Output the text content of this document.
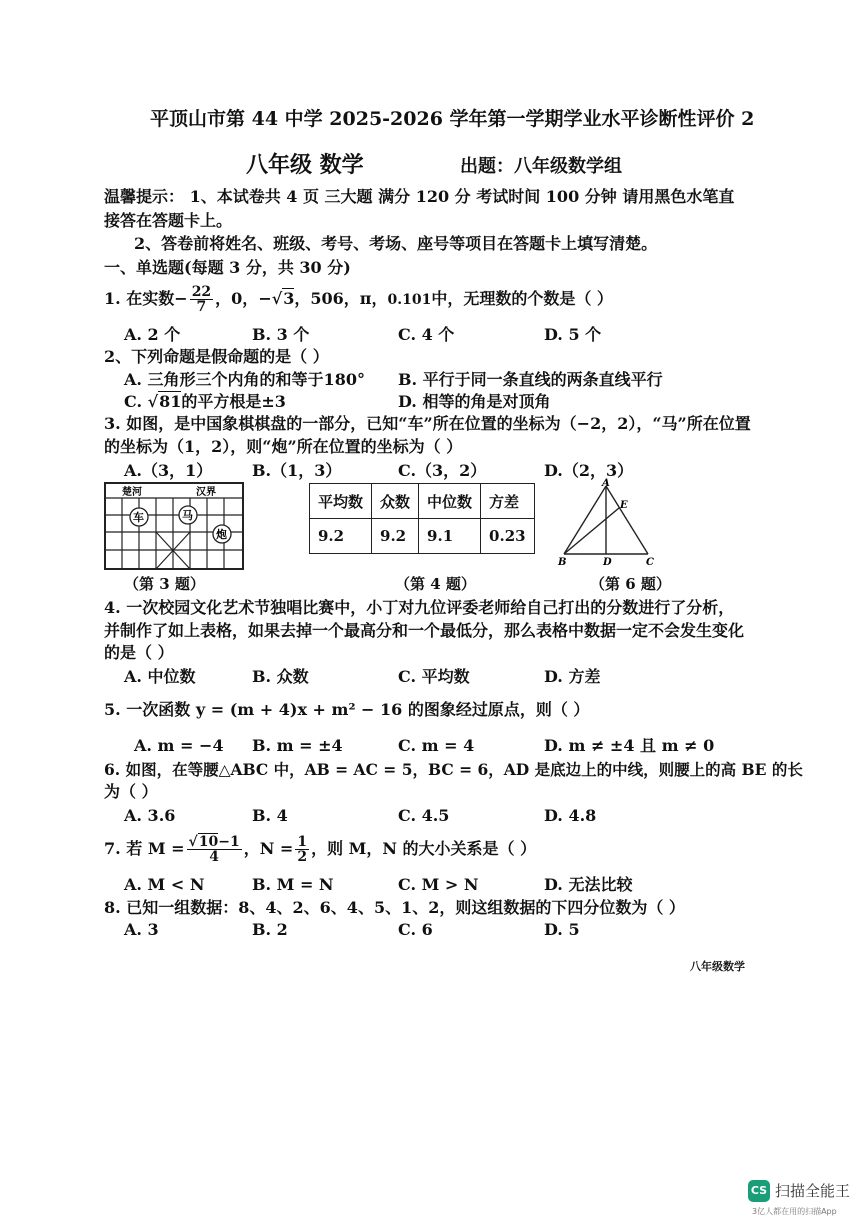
平顶山市第 44 中学 2025-2026 学年第一学期学业水平诊断性评价 2
八年级 数学	出题：八年级数学组
温馨提示： 1、本试卷共 4 页 三大题 满分 120 分 考试时间 100 分钟 请用黑色水笔直
接答在答题卡上。
2、答卷前将姓名、班级、考号、考场、座号等项目在答题卡上填写清楚。
一、单选题(每题 3 分，共 30 分)
1. 在实数− $\frac{22}{7}$ ，0，−√3，506，π，0.101中，无理数的个数是（ ）
A. 2 个	B. 3 个	C. 4 个	D. 5 个
2、下列命题是假命题的是（ ）
A. 三角形三个内角的和等于180° B. 平行于同一条直线的两条直线平行
C. √81的平方根是±3	D. 相等的角是对顶角
3. 如图，是中国象棋棋盘的一部分，已知“车”所在位置的坐标为（−2，2），“马”所在位置
的坐标为（1，2），则“炮”所在位置的坐标为（ ）
A.（3，1） B.（1，3）	C.（3，2）	D.（2，3）
楚河	汉界
车	马
炮
（第 3 题）
平均数	众数	中位数	方差
9.2	9.2	9.1	0.23
（第 4 题）
A
E
B	D	C
（第 6 题）
4. 一次校园文化艺术节独唱比赛中，小丁对九位评委老师给自己打出的分数进行了分析，
并制作了如上表格，如果去掉一个最高分和一个最低分，那么表格中数据一定不会发生变化
的是（ ）
A. 中位数	B. 众数	C. 平均数	D. 方差
5. 一次函数 y = (m + 4)x + m² − 16 的图象经过原点，则（ ）
A. m = −4 B. m = ±4	C. m = 4	D. m ≠ ±4 且 m ≠ 0
6. 如图，在等腰△ABC 中，AB = AC = 5，BC = 6，AD 是底边上的中线，则腰上的高 BE 的长
为（ ）
A. 3.6	B. 4	C. 4.5	D. 4.8
7. 若 $M = \frac{√10-1}{4}$ ，$N = \frac{1}{2}$ ，则 M，N 的大小关系是（ ）
A. M < N	B. M = N	C. M > N	D. 无法比较
8. 已知一组数据：8、4、2、6、4、5、1、2，则这组数据的下四分位数为（ ）
A. 3	B. 2	C. 6	D. 5
八年级数学
CS 扫描全能王
3亿人都在用的扫描App
